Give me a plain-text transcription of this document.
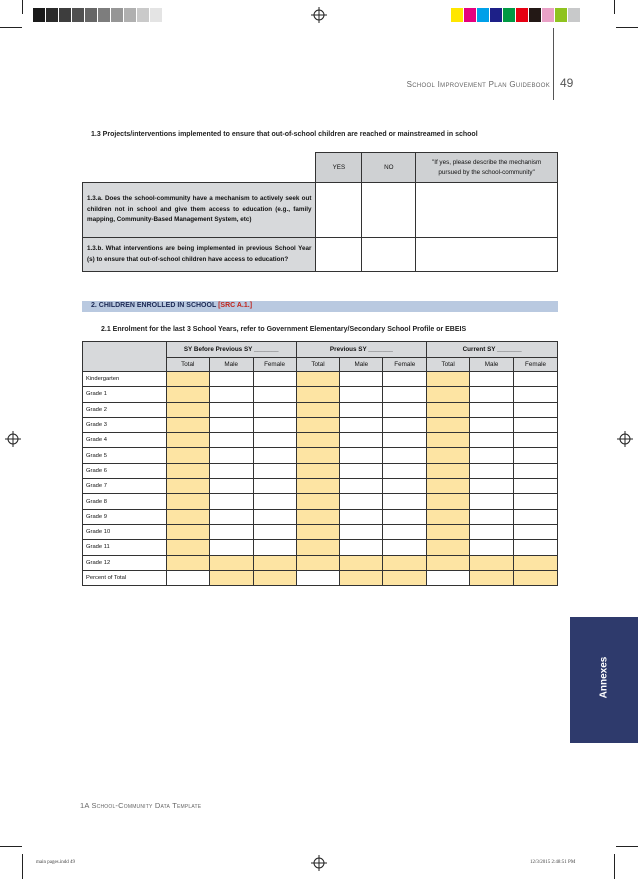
School Improvement Plan Guidebook 49
1.3 Projects/interventions implemented to ensure that out-of-school children are reached or mainstreamed in school
	YES	NO	"If yes, please describe the mechanism pursued by the school-community"
1.3.a. Does the school-community have a mechanism to actively seek out children not in school and give them access to education (e.g., family mapping, Community-Based Management System, etc)			
1.3.b. What interventions are being implemented in previous School Year (s) to ensure that out-of-school children have access to education?			
2. CHILDREN ENROLLED IN SCHOOL [SRC A.1.]
2.1 Enrolment for the last 3 School Years, refer to Government Elementary/Secondary School Profile or EBEIS
	SY Before Previous SY _______			Previous SY _______			Current SY _______		
	Total	Male	Female	Total	Male	Female	Total	Male	Female
Kindergarten									
Grade 1									
Grade 2									
Grade 3									
Grade 4									
Grade 5									
Grade 6									
Grade 7									
Grade 8									
Grade 9									
Grade 10									
Grade 11									
Grade 12									
Percent of Total									
Annexes
1A School-Community Data Template
main pages.indd 49	12/3/2015 2:48:51 PM
